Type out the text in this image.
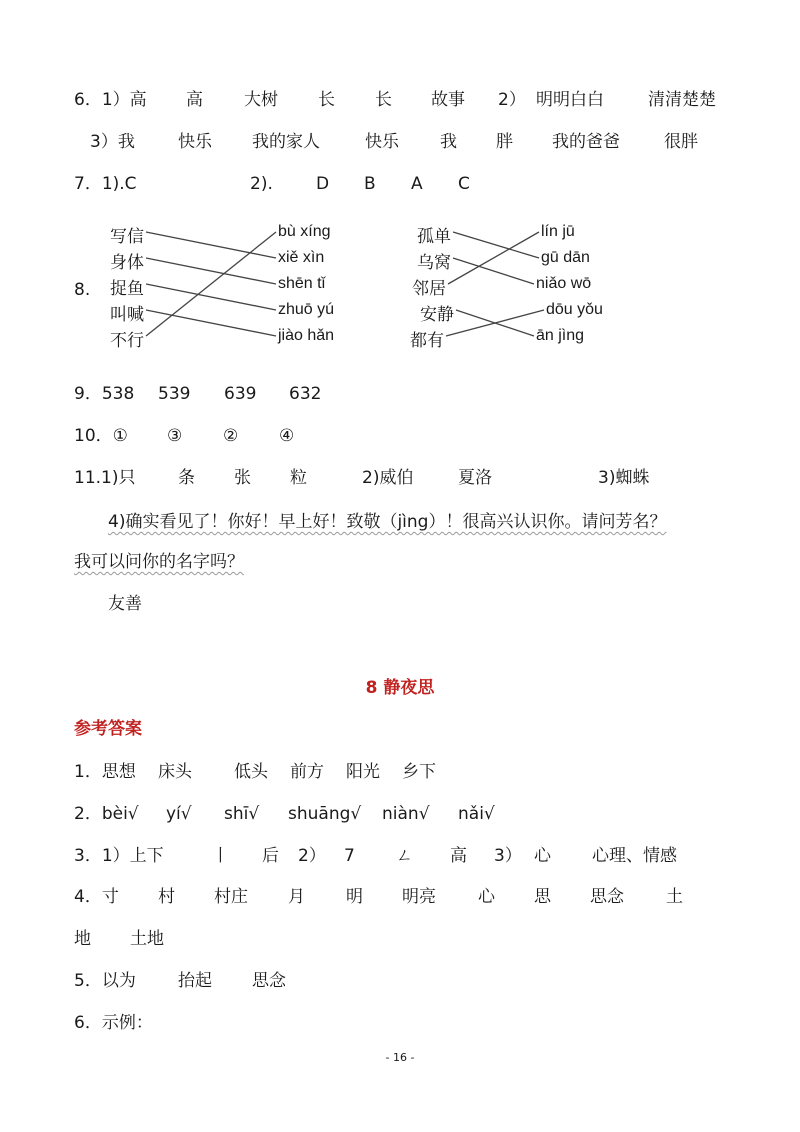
6．1）高 高 大树 长 长 故事 2） 明明白白	清清楚楚
3）我	快乐 我的家人	快乐 我 胖 我的爸爸	很胖
7．1).C	2).	D B A C
8.
写信
身体
捉鱼
叫喊
不行
bù xíng
xiě xìn
shēn tǐ
zhuō yú
jiào hǎn
孤单
乌窝
邻居
安静
都有
lín jū
gū dān
niǎo wō
dōu yǒu
ān jìng
9．538 539 639 632
10．① ③ ② ④
11.1)只	条 张 粒	2)威伯	夏洛	3)蜘蛛
4)确实看见了！你好！早上好！致敬（jìng）！很高兴认识你。请问芳名？
我可以问你的名字吗？
友善
8 静夜思
参考答案
1．思想 床头 低头 前方 阳光 乡下
2．bèi√ yí√ shī√ shuāng√ niàn√ nǎi√
3．1）上下	丨 后 2） 7 ㄥ 高 3） 心 心理、情感
4．寸 村 村庄 月 明 明亮 心 思 思念 土
地 土地
5．以为 抬起 思念
6．示例：
- 16 -
